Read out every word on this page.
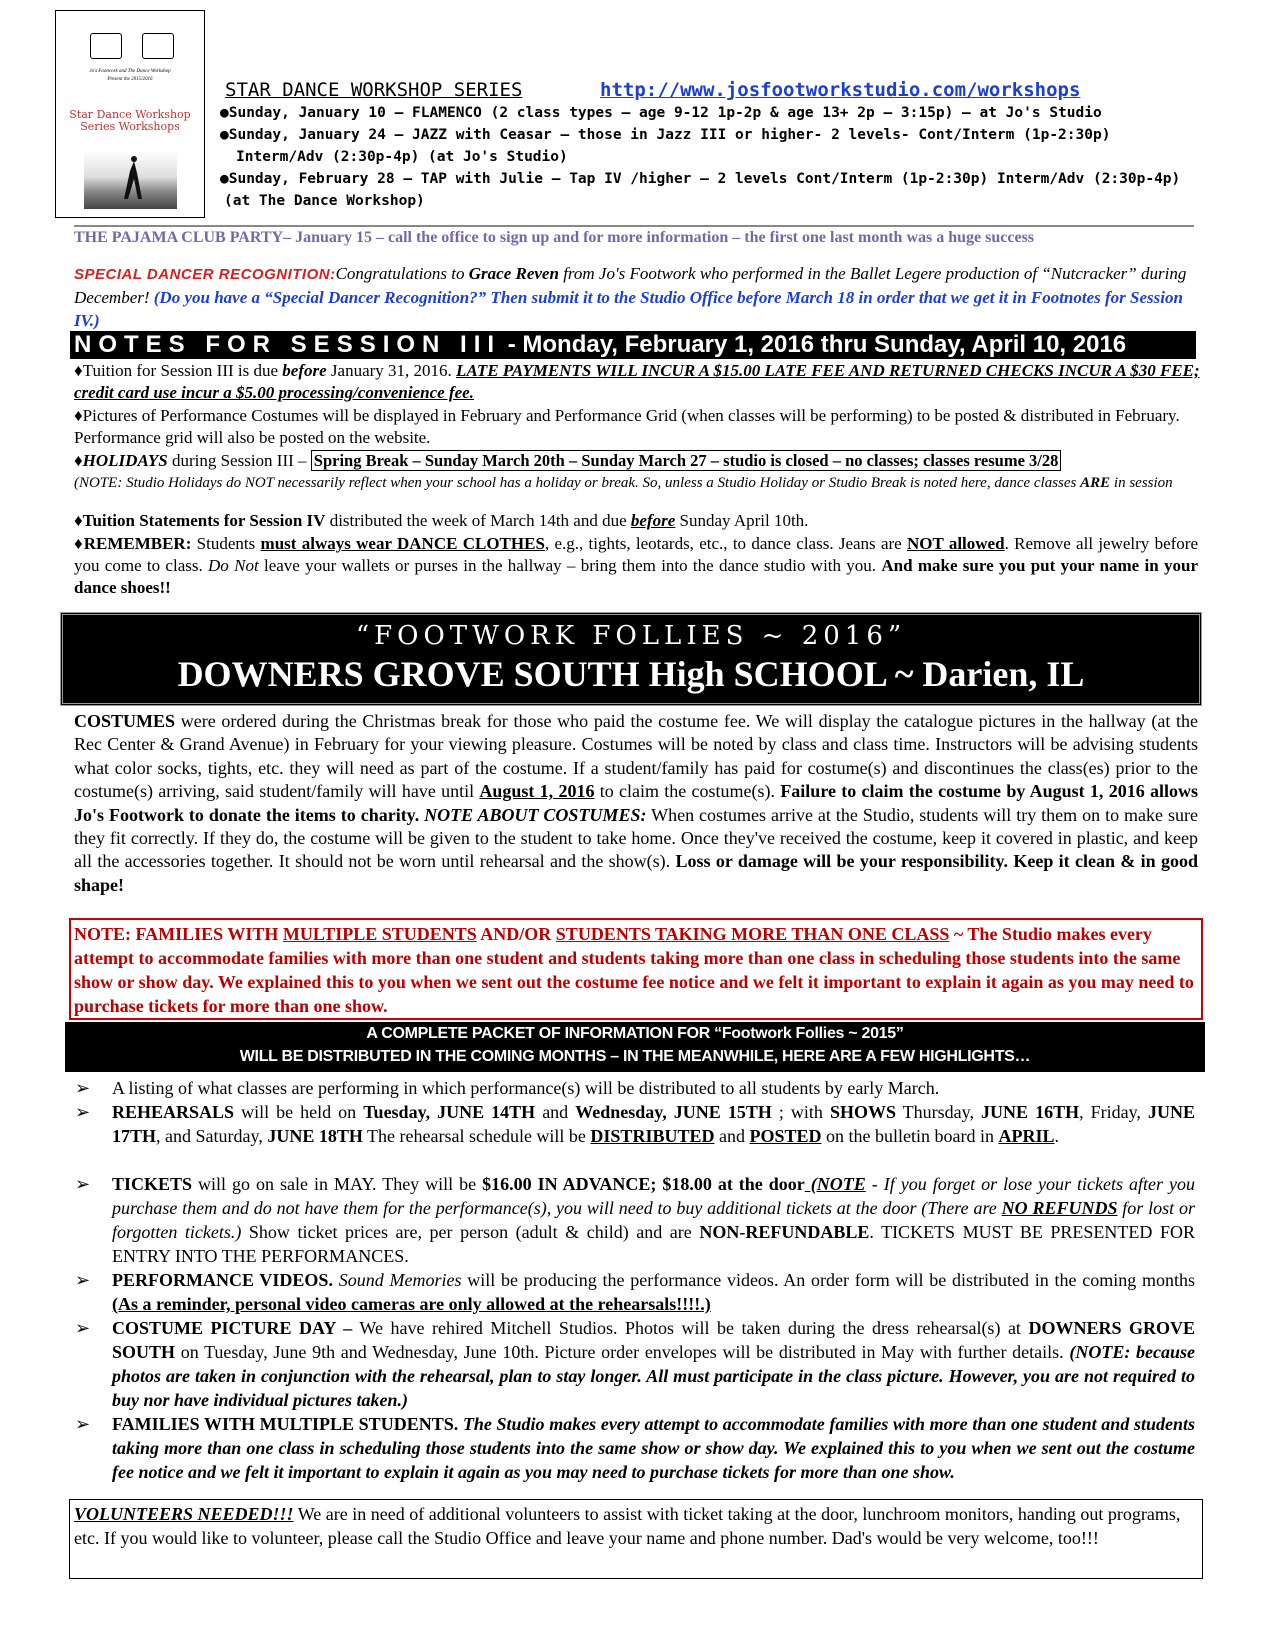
Jo's Footwork and The Dance Workshop
Present the 2015/2016
Star Dance Workshop Series Workshops
STAR DANCE WORKSHOP SERIES	http://www.josfootworkstudio.com/workshops
●Sunday, January 10 – FLAMENCO (2 class types – age 9-12 1p-2p & age 13+ 2p – 3:15p) – at Jo's Studio
●Sunday, January 24 – JAZZ with Ceasar – those in Jazz III or higher- 2 levels- Cont/Interm (1p-2:30p)
Interm/Adv (2:30p-4p) (at Jo's Studio)
●Sunday, February 28 – TAP with Julie – Tap IV /higher – 2 levels Cont/Interm (1p-2:30p) Interm/Adv (2:30p-4p)
(at The Dance Workshop)
THE PAJAMA CLUB PARTY– January 15 – call the office to sign up and for more information – the first one last month was a huge success
SPECIAL DANCER RECOGNITION:Congratulations to Grace Reven from Jo's Footwork who performed in the Ballet Legere production of “Nutcracker” during December! (Do you have a “Special Dancer Recognition?” Then submit it to the Studio Office before March 18 in order that we get it in Footnotes for Session IV.)
NOTES FOR SESSION III - Monday, February 1, 2016 thru Sunday, April 10, 2016
♦Tuition for Session III is due before January 31, 2016. LATE PAYMENTS WILL INCUR A $15.00 LATE FEE AND RETURNED CHECKS INCUR A $30 FEE; credit card use incur a $5.00 processing/convenience fee.
♦Pictures of Performance Costumes will be displayed in February and Performance Grid (when classes will be performing) to be posted & distributed in February. Performance grid will also be posted on the website.
♦HOLIDAYS during Session III – Spring Break – Sunday March 20th – Sunday March 27 – studio is closed – no classes; classes resume 3/28
(NOTE: Studio Holidays do NOT necessarily reflect when your school has a holiday or break. So, unless a Studio Holiday or Studio Break is noted here, dance classes ARE in session
♦Tuition Statements for Session IV distributed the week of March 14th and due before Sunday April 10th.
♦REMEMBER: Students must always wear DANCE CLOTHES, e.g., tights, leotards, etc., to dance class. Jeans are NOT allowed. Remove all jewelry before you come to class. Do Not leave your wallets or purses in the hallway – bring them into the dance studio with you. And make sure you put your name in your dance shoes!!
“FOOTWORK FOLLIES ~ 2016”
DOWNERS GROVE SOUTH High SCHOOL ~ Darien, IL
COSTUMES were ordered during the Christmas break for those who paid the costume fee. We will display the catalogue pictures in the hallway (at the Rec Center & Grand Avenue) in February for your viewing pleasure. Costumes will be noted by class and class time. Instructors will be advising students what color socks, tights, etc. they will need as part of the costume. If a student/family has paid for costume(s) and discontinues the class(es) prior to the costume(s) arriving, said student/family will have until August 1, 2016 to claim the costume(s). Failure to claim the costume by August 1, 2016 allows Jo's Footwork to donate the items to charity. NOTE ABOUT COSTUMES: When costumes arrive at the Studio, students will try them on to make sure they fit correctly. If they do, the costume will be given to the student to take home. Once they've received the costume, keep it covered in plastic, and keep all the accessories together. It should not be worn until rehearsal and the show(s). Loss or damage will be your responsibility. Keep it clean & in good shape!
NOTE: FAMILIES WITH MULTIPLE STUDENTS AND/OR STUDENTS TAKING MORE THAN ONE CLASS ~ The Studio makes every attempt to accommodate families with more than one student and students taking more than one class in scheduling those students into the same show or show day. We explained this to you when we sent out the costume fee notice and we felt it important to explain it again as you may need to purchase tickets for more than one show.
A COMPLETE PACKET OF INFORMATION FOR “Footwork Follies ~ 2015”
WILL BE DISTRIBUTED IN THE COMING MONTHS – IN THE MEANWHILE, HERE ARE A FEW HIGHLIGHTS…
➢	A listing of what classes are performing in which performance(s) will be distributed to all students by early March.
➢	REHEARSALS will be held on Tuesday, JUNE 14TH and Wednesday, JUNE 15TH ; with SHOWS Thursday, JUNE 16TH, Friday, JUNE 17TH, and Saturday, JUNE 18TH The rehearsal schedule will be DISTRIBUTED and POSTED on the bulletin board in APRIL.
➢	TICKETS will go on sale in MAY. They will be $16.00 IN ADVANCE; $18.00 at the door (NOTE - If you forget or lose your tickets after you purchase them and do not have them for the performance(s), you will need to buy additional tickets at the door (There are NO REFUNDS for lost or forgotten tickets.) Show ticket prices are, per person (adult & child) and are NON-REFUNDABLE. TICKETS MUST BE PRESENTED FOR ENTRY INTO THE PERFORMANCES.
➢	PERFORMANCE VIDEOS. Sound Memories will be producing the performance videos. An order form will be distributed in the coming months (As a reminder, personal video cameras are only allowed at the rehearsals!!!!.)
➢	COSTUME PICTURE DAY – We have rehired Mitchell Studios. Photos will be taken during the dress rehearsal(s) at DOWNERS GROVE SOUTH on Tuesday, June 9th and Wednesday, June 10th. Picture order envelopes will be distributed in May with further details. (NOTE: because photos are taken in conjunction with the rehearsal, plan to stay longer. All must participate in the class picture. However, you are not required to buy nor have individual pictures taken.)
➢	FAMILIES WITH MULTIPLE STUDENTS. The Studio makes every attempt to accommodate families with more than one student and students taking more than one class in scheduling those students into the same show or show day. We explained this to you when we sent out the costume fee notice and we felt it important to explain it again as you may need to purchase tickets for more than one show.
VOLUNTEERS NEEDED!!! We are in need of additional volunteers to assist with ticket taking at the door, lunchroom monitors, handing out programs, etc. If you would like to volunteer, please call the Studio Office and leave your name and phone number. Dad's would be very welcome, too!!!
